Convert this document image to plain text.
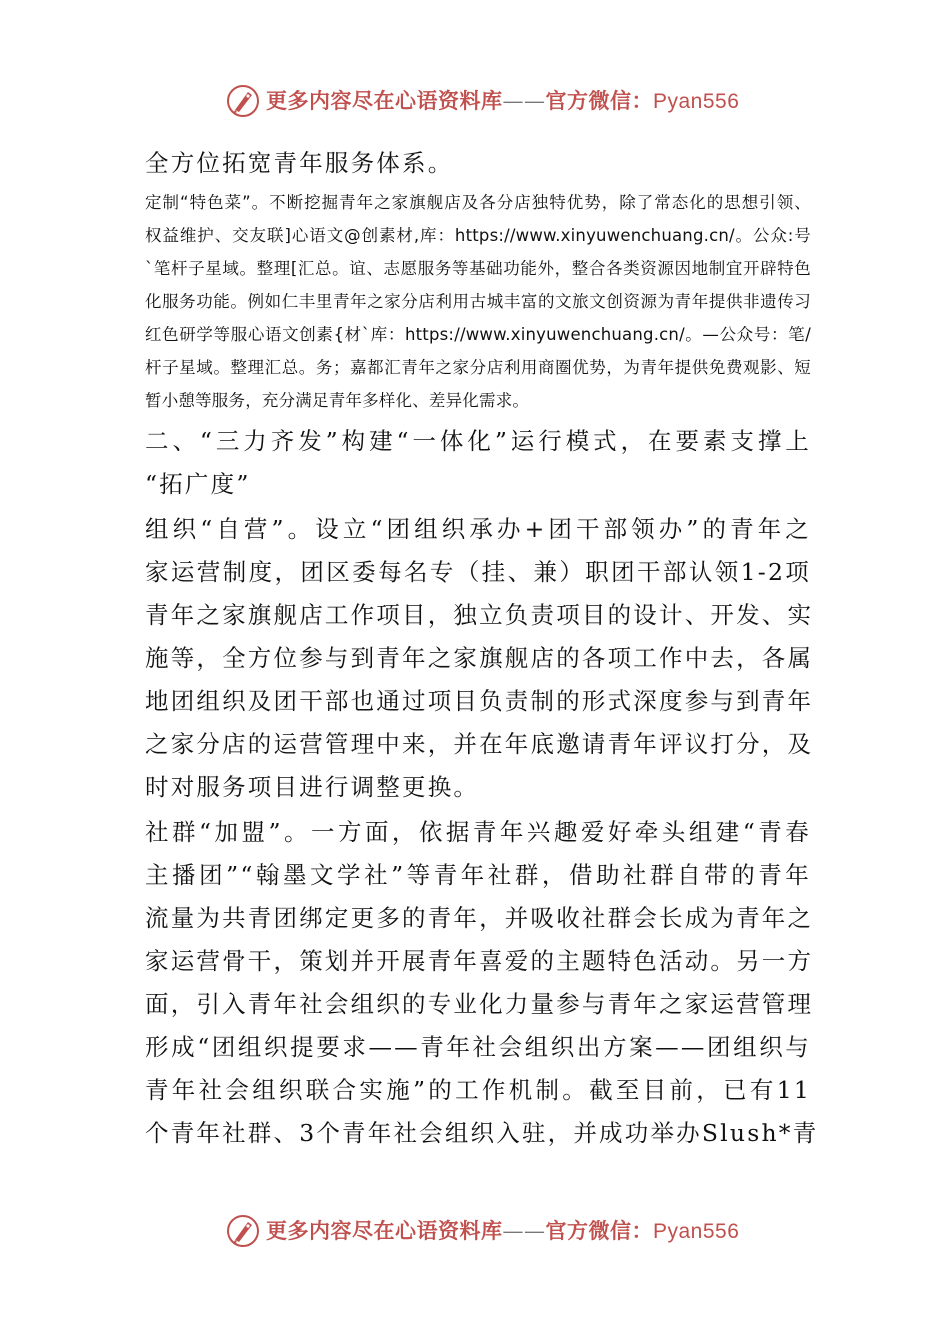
更多内容尽在心语资料库——官方微信：Pyan556
全方位拓宽青年服务体系。
定制“特色菜”。不断挖掘青年之家旗舰店及各分店独特优势，除了常态化的思想引领、
权益维护、交友联]心语文@创素材,库：https://www.xinyuwenchuang.cn/。公众:号
`笔杆子星域。整理[汇总。谊、志愿服务等基础功能外，整合各类资源因地制宜开辟特色
化服务功能。例如仁丰里青年之家分店利用古城丰富的文旅文创资源为青年提供非遗传习
红色研学等服心语文创素{材`库：https://www.xinyuwenchuang.cn/。—公众号：笔/
杆子星域。整理汇总。务；嘉都汇青年之家分店利用商圈优势，为青年提供免费观影、短
暂小憩等服务，充分满足青年多样化、差异化需求。
二、“三力齐发”构建“一体化”运行模式，在要素支撑上
“拓广度”
组织“自营”。设立“团组织承办+团干部领办”的青年之
家运营制度，团区委每名专（挂、兼）职团干部认领1-2项
青年之家旗舰店工作项目，独立负责项目的设计、开发、实
施等，全方位参与到青年之家旗舰店的各项工作中去，各属
地团组织及团干部也通过项目负责制的形式深度参与到青年
之家分店的运营管理中来，并在年底邀请青年评议打分，及
时对服务项目进行调整更换。
社群“加盟”。一方面，依据青年兴趣爱好牵头组建“青春
主播团”“翰墨文学社”等青年社群，借助社群自带的青年
流量为共青团绑定更多的青年，并吸收社群会长成为青年之
家运营骨干，策划并开展青年喜爱的主题特色活动。另一方
面，引入青年社会组织的专业化力量参与青年之家运营管理
形成“团组织提要求——青年社会组织出方案——团组织与
青年社会组织联合实施”的工作机制。截至目前，已有11
个青年社群、3个青年社会组织入驻，并成功举办Slush*青
更多内容尽在心语资料库——官方微信：Pyan556
